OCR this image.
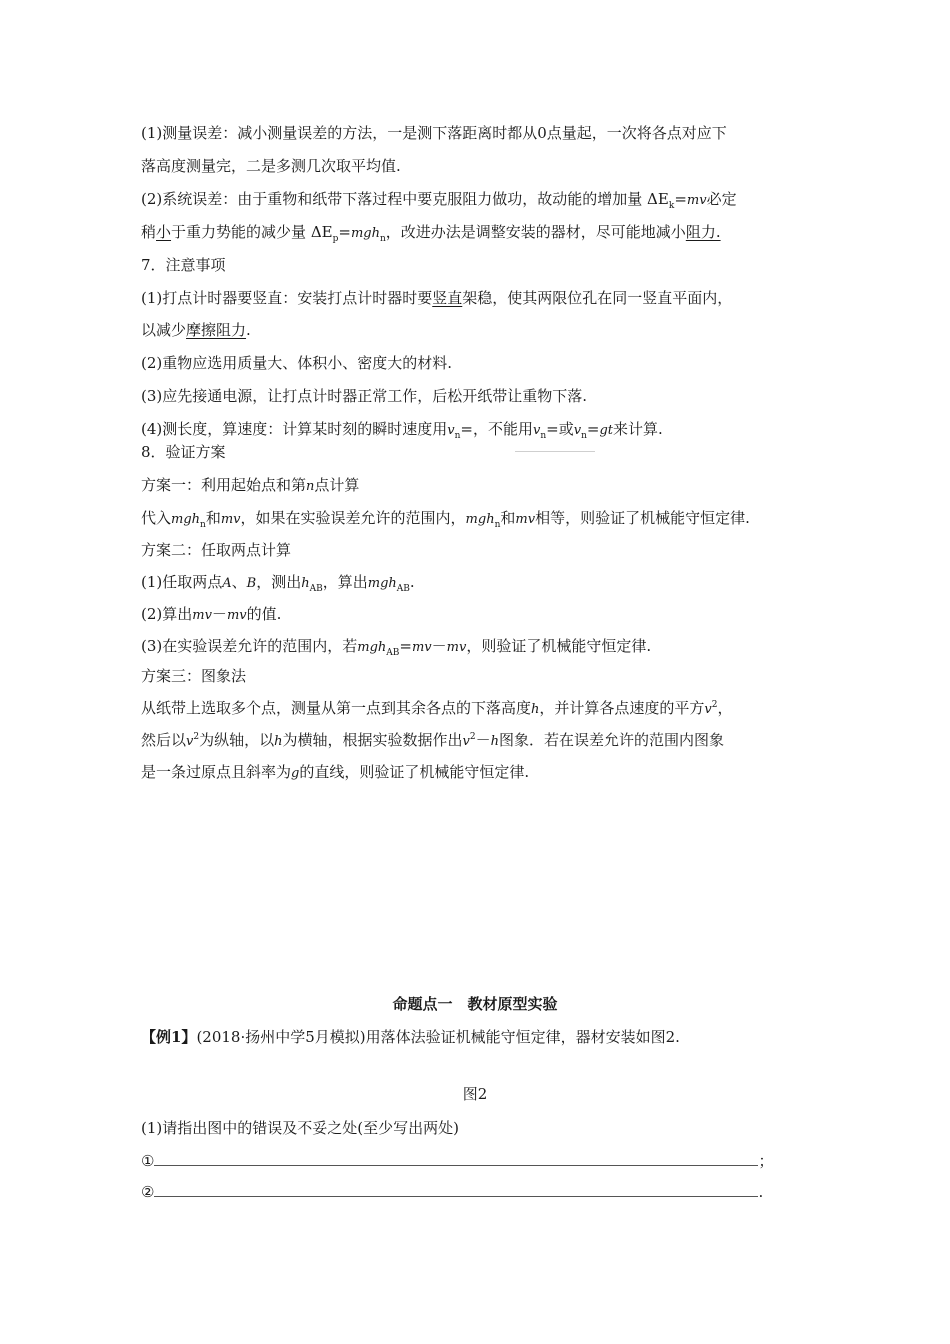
(1)测量误差：减小测量误差的方法，一是测下落距离时都从0点量起，一次将各点对应下
落高度测量完，二是多测几次取平均值.
(2)系统误差：由于重物和纸带下落过程中要克服阻力做功，故动能的增加量 $\Delta E_k=mv$必定
稍小于重力势能的减少量 $\Delta E_p=mgh_n$，改进办法是调整安装的器材，尽可能地减小阻力.
7．注意事项
(1)打点计时器要竖直：安装打点计时器时要竖直架稳，使其两限位孔在同一竖直平面内，
以减少摩擦阻力.
(2)重物应选用质量大、体积小、密度大的材料.
(3)应先接通电源，让打点计时器正常工作，后松开纸带让重物下落.
(4)测长度，算速度：计算某时刻的瞬时速度用$v_n=$，不能用$v_n=$或$v_n=gt$来计算.
8．验证方案
方案一：利用起始点和第n点计算
代入mgh$_n$和mv，如果在实验误差允许的范围内，mgh$_n$和mv相等，则验证了机械能守恒定律.
方案二：任取两点计算
(1)任取两点A、B，测出$h_{AB}$，算出mgh$_{AB}$.
(2)算出mv－mv的值.
(3)在实验误差允许的范围内，若mgh$_{AB}$=mv－mv，则验证了机械能守恒定律.
方案三：图象法
从纸带上选取多个点，测量从第一点到其余各点的下落高度h，并计算各点速度的平方$v^2$，
然后以$v^2$为纵轴，以h为横轴，根据实验数据作出$v^2-h$图象．若在误差允许的范围内图象
是一条过原点且斜率为g的直线，则验证了机械能守恒定律.
命题点一　教材原型实验
【例1】(2018·扬州中学5月模拟)用落体法验证机械能守恒定律，器材安装如图2.
图2
(1)请指出图中的错误及不妥之处(至少写出两处)
①	；
②	.
